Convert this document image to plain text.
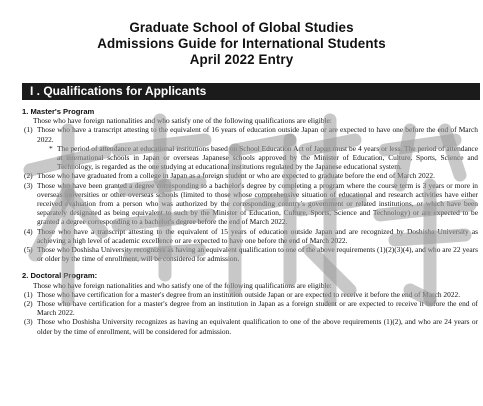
Graduate School of Global Studies
Admissions Guide for International Students
April 2022 Entry
I . Qualifications for Applicants

1. Master's Program

Those who have foreign nationalities and who satisfy one of the following qualifications are eligible:

(1) Those who have a transcript attesting to the equivalent of 16 years of education outside Japan or are expected to have one before the end of March 2022.
* The period of attendance at educational institutions based on School Education Act of Japan must be 4 years or less. The period of attendance at international schools in Japan or overseas Japanese schools approved by the Minister of Education, Culture, Sports, Science and Technology, is regarded as the one studying at educational institutions regulated by the Japanese educational system.
(2) Those who have graduated from a college in Japan as a foreign student or who are expected to graduate before the end of March 2022.
(3) Those who have been granted a degree corresponding to a bachelor's degree by completing a program where the course term is 3 years or more in overseas universities or other overseas schools (limited to those whose comprehensive situation of educational and research activities have either received evaluation from a person who was authorized by the corresponding country's government or related institutions, or which have been separately designated as being equivalent to such by the Minister of Education, Culture, Sports, Science and Technology) or are expected to be granted a degree corresponding to a bachelor's degree before the end of March 2022.
(4) Those who have a transcript attesting to the equivalent of 15 years of education outside Japan and are recognized by Doshisha University as achieving a high level of academic excellence or are expected to have one before the end of March 2022.
(5) Those who Doshisha University recognizes as having an equivalent qualification to one of the above requirements (1)(2)(3)(4), and who are 22 years or older by the time of enrollment, will be considered for admission.

2. Doctoral Program:

Those who have foreign nationalities and who satisfy one of the following qualifications are eligible:

(1) Those who have certification for a master's degree from an institution outside Japan or are expected to receive it before the end of March 2022.
(2) Those who have certification for a master's degree from an institution in Japan as a foreign student or are expected to receive it before the end of March 2022.
(3) Those who Doshisha University recognizes as having an equivalent qualification to one of the above requirements (1)(2), and who are 24 years or older by the time of enrollment, will be considered for admission.
